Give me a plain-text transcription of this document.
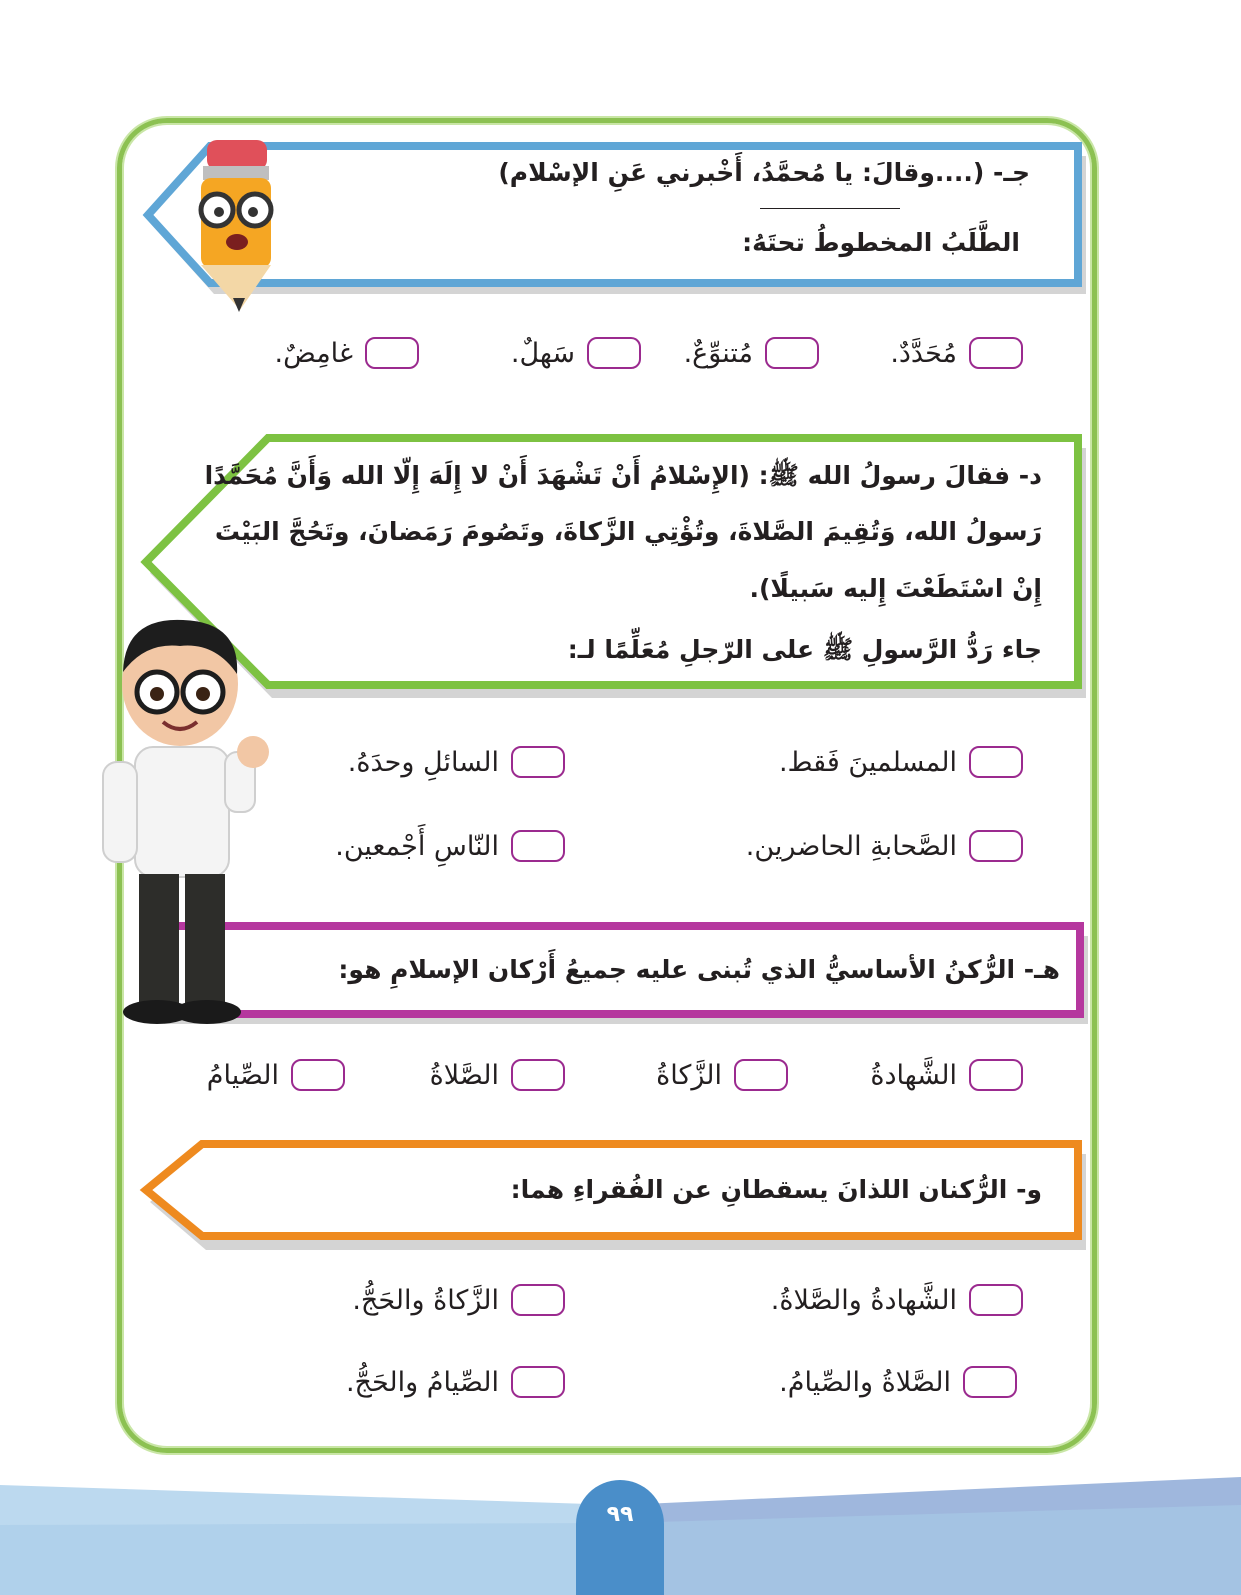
جـ- (....وقالَ: يا مُحمَّدُ، أَخْبرني عَنِ الإسْلام)
الطَّلَبُ المخطوطُ تحتَهُ:
مُحَدَّدٌ.
مُتنوِّعٌ.
سَهلٌ.
غامِضٌ.
د- فقالَ رسولُ الله ﷺ: (الإِسْلامُ أَنْ تَشْهَدَ أَنْ لا إِلَهَ إِلّا الله وَأَنَّ مُحَمَّدًا
رَسولُ الله، وَتُقِيمَ الصَّلاةَ، وتُؤْتِي الزَّكاةَ، وتَصُومَ رَمَضانَ، وتَحُجَّ البَيْتَ
إِنْ اسْتَطَعْتَ إِليه سَبيلًا).
جاء رَدُّ الرَّسولِ ﷺ على الرّجلِ مُعَلِّمًا لـ:
المسلمينَ فَقط.
السائلِ وحدَهُ.
الصَّحابةِ الحاضرين.
النّاسِ أَجْمعين.
هـ- الرُّكنُ الأساسيُّ الذي تُبنى عليه جميعُ أَرْكان الإسلامِ هو:
الشَّهادةُ
الزَّكاةُ
الصَّلاةُ
الصِّيامُ
و- الرُّكنان اللذانَ يسقطانِ عن الفُقراءِ هما:
الشَّهادةُ والصَّلاةُ.
الزَّكاةُ والحَجُّ.
الصَّلاةُ والصِّيامُ.
الصِّيامُ والحَجُّ.
٩٩
